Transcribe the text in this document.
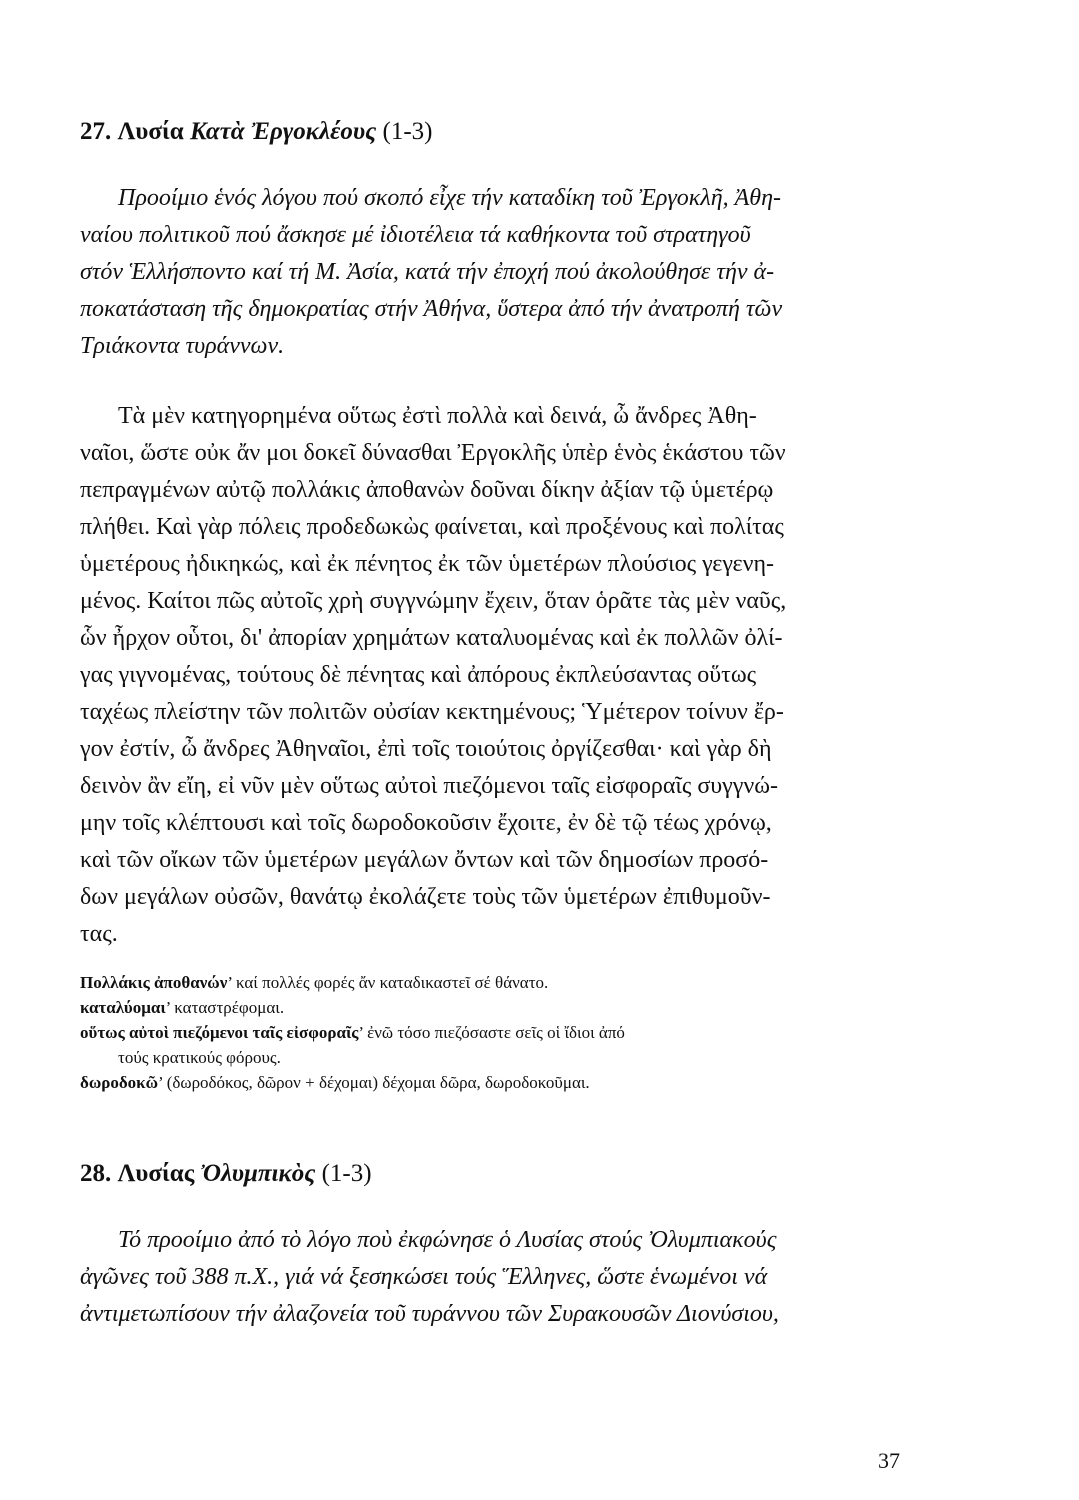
27. Λυσία Κατὰ Ἐργοκλέους (1-3)
Προοίμιο ἑνός λόγου πού σκοπό εἶχε τήν καταδίκη τοῦ Ἐργοκλῆ, Ἀθη-
ναίου πολιτικοῦ πού ἄσκησε μέ ἰδιοτέλεια τά καθήκοντα τοῦ στρατηγοῦ
στόν Ἑλλήσποντο καί τή Μ. Ἀσία, κατά τήν ἐποχή πού ἀκολούθησε τήν ἀ-
ποκατάσταση τῆς δημοκρατίας στήν Ἀθήνα, ὕστερα ἀπό τήν ἀνατροπή τῶν
Τριάκοντα τυράννων.
Τὰ μὲν κατηγορημένα οὕτως ἐστὶ πολλὰ καὶ δεινά, ὦ ἄνδρες Ἀθη-
ναῖοι, ὥστε οὐκ ἄν μοι δοκεῖ δύνασθαι Ἐργοκλῆς ὑπὲρ ἑνὸς ἑκάστου τῶν
πεπραγμένων αὐτῷ πολλάκις ἀποθανὼν δοῦναι δίκην ἀξίαν τῷ ὑμετέρῳ
πλήθει. Καὶ γὰρ πόλεις προδεδωκὼς φαίνεται, καὶ προξένους καὶ πολίτας
ὑμετέρους ἠδικηκώς, καὶ ἐκ πένητος ἐκ τῶν ὑμετέρων πλούσιος γεγενη-
μένος. Καίτοι πῶς αὐτοῖς χρὴ συγγνώμην ἔχειν, ὅταν ὁρᾶτε τὰς μὲν ναῦς,
ὧν ἦρχον οὗτοι, δι' ἀπορίαν χρημάτων καταλυομένας καὶ ἐκ πολλῶν ὀλί-
γας γιγνομένας, τούτους δὲ πένητας καὶ ἀπόρους ἐκπλεύσαντας οὕτως
ταχέως πλείστην τῶν πολιτῶν οὐσίαν κεκτημένους; Ὑμέτερον τοίνυν ἔρ-
γον ἐστίν, ὦ ἄνδρες Ἀθηναῖοι, ἐπὶ τοῖς τοιούτοις ὀργίζεσθαι· καὶ γὰρ δὴ
δεινὸν ἂν εἴη, εἰ νῦν μὲν οὕτως αὐτοὶ πιεζόμενοι ταῖς εἰσφοραῖς συγγνώ-
μην τοῖς κλέπτουσι καὶ τοῖς δωροδοκοῦσιν ἔχοιτε, ἐν δὲ τῷ τέως χρόνῳ,
καὶ τῶν οἴκων τῶν ὑμετέρων μεγάλων ὄντων καὶ τῶν δημοσίων προσό-
δων μεγάλων οὐσῶν, θανάτῳ ἐκολάζετε τοὺς τῶν ὑμετέρων ἐπιθυμοῦν-
τας.
Πολλάκις ἀποθανών’ καί πολλές φορές ἄν καταδικαστεῖ σέ θάνατο.
καταλύομαι’ καταστρέφομαι.
οὕτως αὐτοὶ πιεζόμενοι ταῖς εἰσφοραῖς’ ἐνῶ τόσο πιεζόσαστε σεῖς οἱ ἴδιοι ἀπό
τούς κρατικούς φόρους.
δωροδοκῶ’ (δωροδόκος, δῶρον + δέχομαι) δέχομαι δῶρα, δωροδοκοῦμαι.
28. Λυσίας Ὀλυμπικὸς (1-3)
Τό προοίμιο ἀπό τὸ λόγο ποὺ ἐκφώνησε ὁ Λυσίας στούς Ὀλυμπιακούς
ἀγῶνες τοῦ 388 π.Χ., γιά νά ξεσηκώσει τούς Ἕλληνες, ὥστε ἑνωμένοι νά
ἀντιμετωπίσουν τήν ἀλαζονεία τοῦ τυράννου τῶν Συρακουσῶν Διονύσιου,
37
